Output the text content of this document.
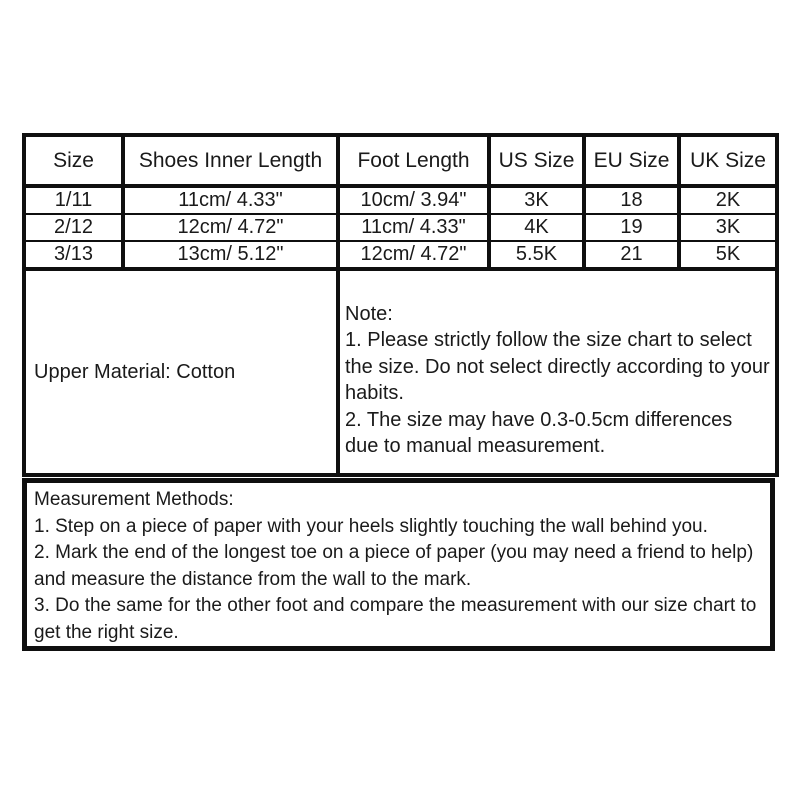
Size	Shoes Inner Length	Foot Length	US Size	EU Size	UK Size
1/11	11cm/ 4.33"	10cm/ 3.94"	3K	18	2K
2/12	12cm/ 4.72"	11cm/ 4.33"	4K	19	3K
3/13	13cm/ 5.12"	12cm/ 4.72"	5.5K	21	5K
Upper Material: Cotton		Note:

1. Please strictly follow the size chart to select the size. Do not select directly according to your habits.

2. The size may have 0.3-0.5cm differences due to manual measurement.			

Measurement Methods:

1. Step on a piece of paper with your heels slightly touching the wall behind you.

2. Mark the end of the longest toe on a piece of paper (you may need a friend to help) and measure the distance from the wall to the mark.

3. Do the same for the other foot and compare the measurement with our size chart to get the right size.
